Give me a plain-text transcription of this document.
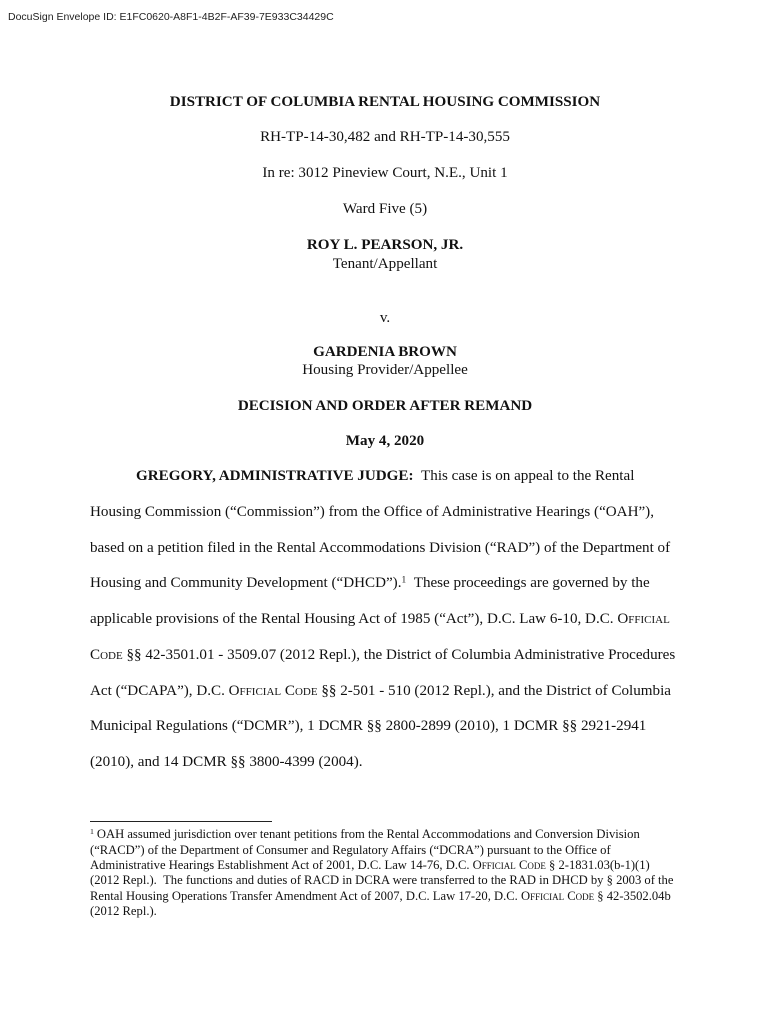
DocuSign Envelope ID: E1FC0620-A8F1-4B2F-AF39-7E933C34429C
DISTRICT OF COLUMBIA RENTAL HOUSING COMMISSION
RH-TP-14-30,482 and RH-TP-14-30,555
In re: 3012 Pineview Court, N.E., Unit 1
Ward Five (5)
ROY L. PEARSON, JR.
Tenant/Appellant
v.
GARDENIA BROWN
Housing Provider/Appellee
DECISION AND ORDER AFTER REMAND
May 4, 2020
GREGORY, ADMINISTRATIVE JUDGE: This case is on appeal to the Rental
Housing Commission (“Commission”) from the Office of Administrative Hearings (“OAH”),
based on a petition filed in the Rental Accommodations Division (“RAD”) of the Department of
Housing and Community Development (“DHCD”).$^1$ These proceedings are governed by the
applicable provisions of the Rental Housing Act of 1985 (“Act”), D.C. Law 6-10, D.C. official
Code §§ 42-3501.01 - 3509.07 (2012 Repl.), the District of Columbia Administrative Procedures
Act (“DCAPA”), D.C. official code §§ 2-501 - 510 (2012 Repl.), and the District of Columbia
Municipal Regulations (“DCMR”), 1 DCMR §§ 2800-2899 (2010), 1 DCMR §§ 2921-2941
(2010), and 14 DCMR §§ 3800-4399 (2004).
$^1$ OAH assumed jurisdiction over tenant petitions from the Rental Accommodations and Conversion Division
(“RACD”) of the Department of Consumer and Regulatory Affairs (“DCRA”) pursuant to the Office of
Administrative Hearings Establishment Act of 2001, D.C. Law 14-76, D.C. official code § 2-1831.03(b-1)(1)
(2012 Repl.). The functions and duties of RACD in DCRA were transferred to the RAD in DHCD by § 2003 of the
Rental Housing Operations Transfer Amendment Act of 2007, D.C. Law 17-20, D.C. official code § 42-3502.04b
(2012 Repl.).
